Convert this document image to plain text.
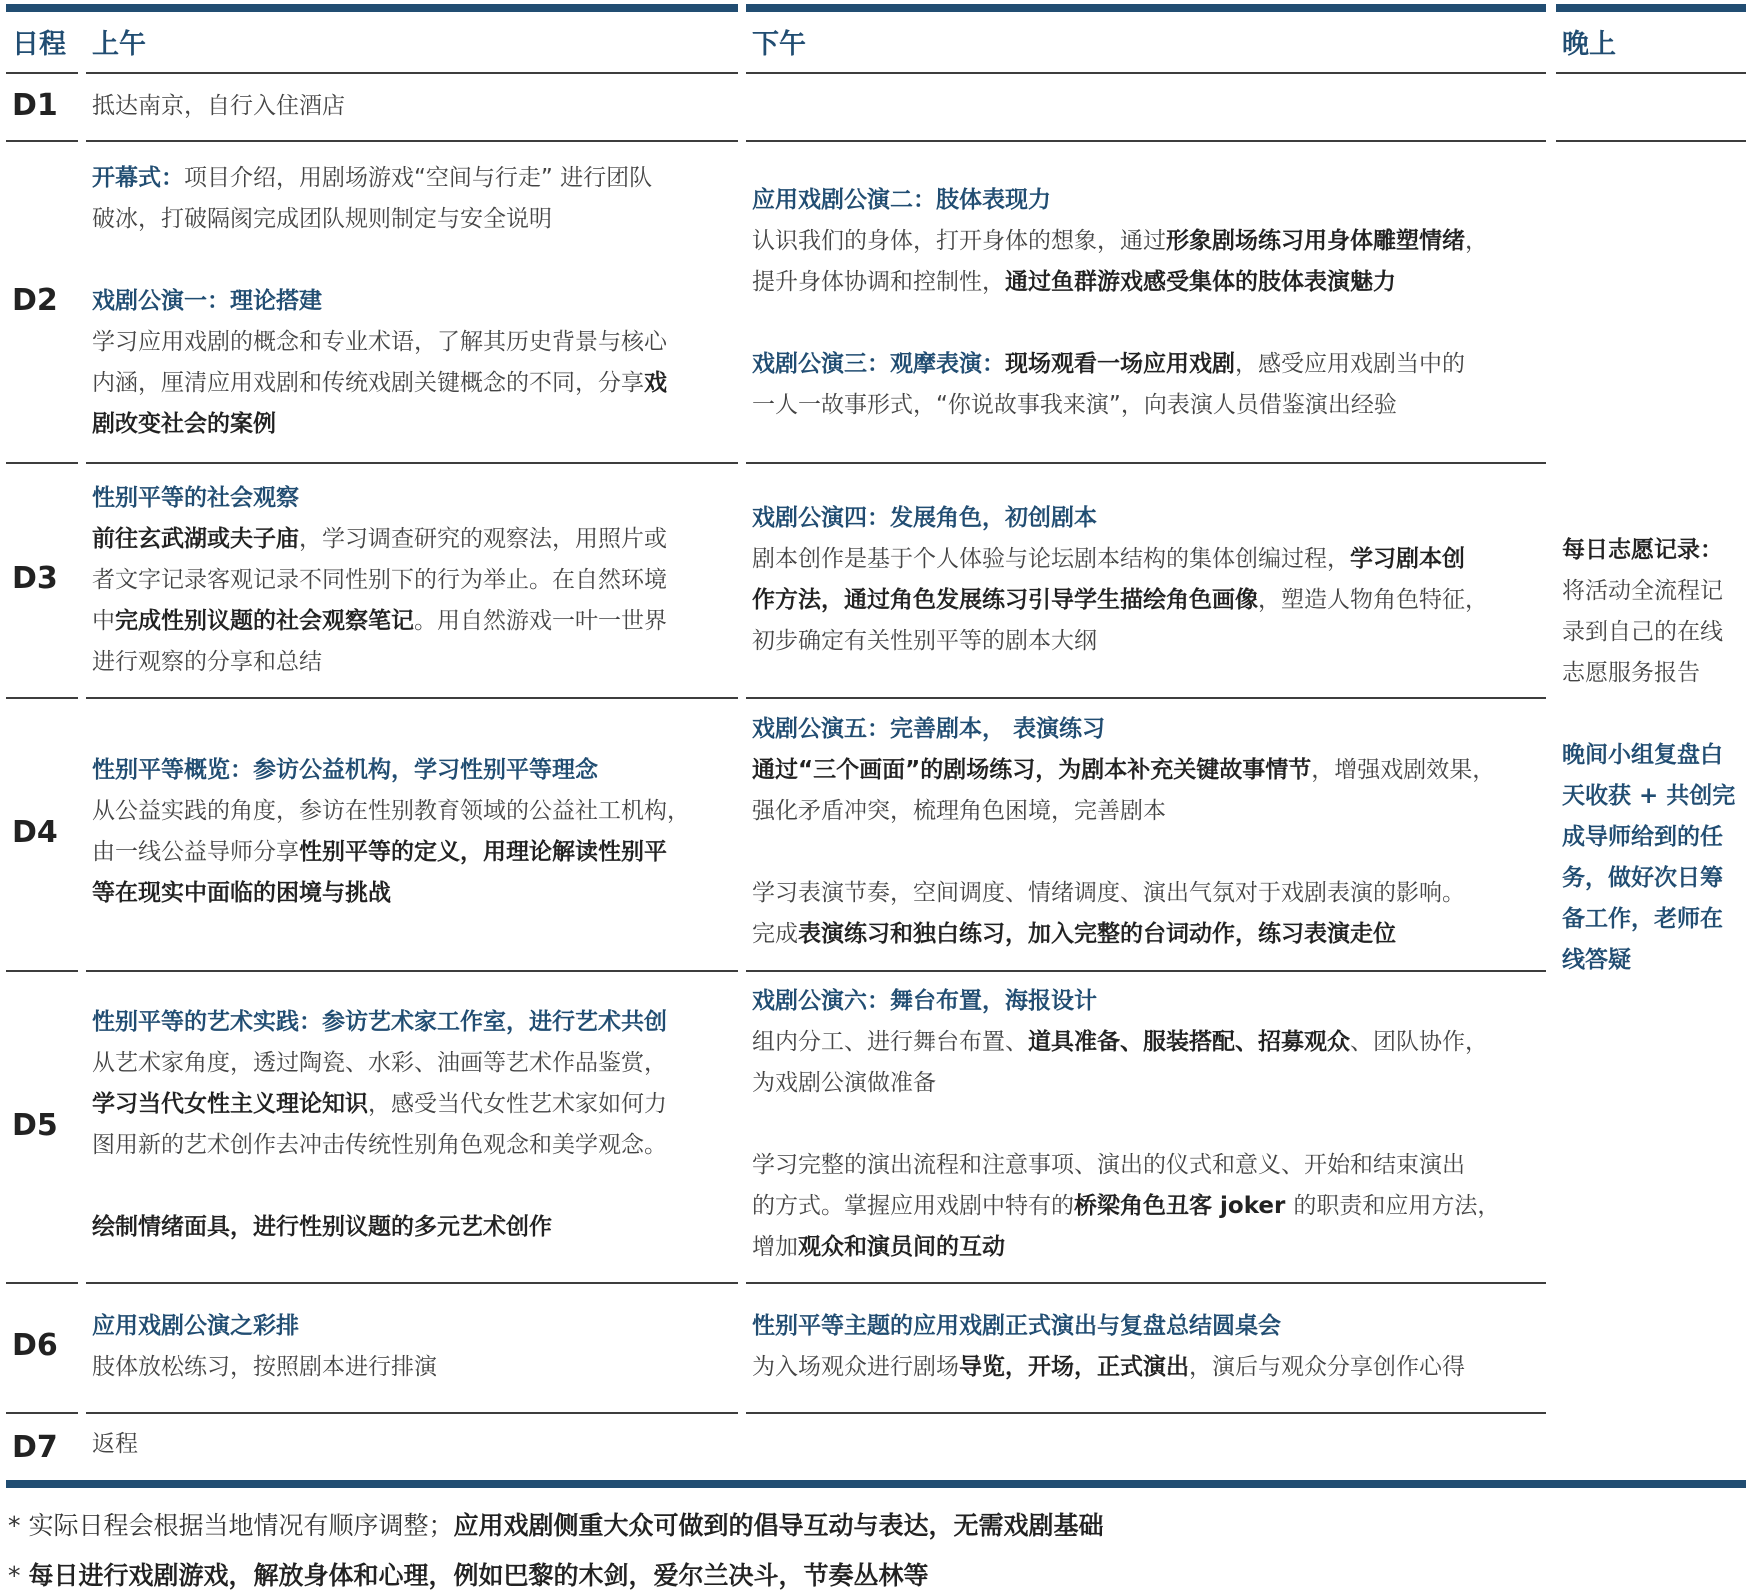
日程 上午	下午	晚上
D1
D2
D3
D4
D5
D6
D7

抵达南京，自行入住酒店

开幕式：项目介绍，用剧场游戏“空间与行走” 进行团队

破冰，打破隔阂完成团队规则制定与安全说明

戏剧公演一：理论搭建

学习应用戏剧的概念和专业术语，了解其历史背景与核心

内涵，厘清应用戏剧和传统戏剧关键概念的不同，分享戏

剧改变社会的案例

应用戏剧公演二：肢体表现力

认识我们的身体，打开身体的想象，通过形象剧场练习用身体雕塑情绪，

提升身体协调和控制性，通过鱼群游戏感受集体的肢体表演魅力

戏剧公演三：观摩表演：现场观看一场应用戏剧，感受应用戏剧当中的

一人一故事形式，“你说故事我来演”，向表演人员借鉴演出经验

性别平等的社会观察

前往玄武湖或夫子庙，学习调查研究的观察法，用照片或

者文字记录客观记录不同性别下的行为举止。在自然环境

中完成性别议题的社会观察笔记。用自然游戏一叶一世界

进行观察的分享和总结

戏剧公演四：发展角色，初创剧本

剧本创作是基于个人体验与论坛剧本结构的集体创编过程，学习剧本创

作方法，通过角色发展练习引导学生描绘角色画像，塑造人物角色特征，

初步确定有关性别平等的剧本大纲

性别平等概览：参访公益机构，学习性别平等理念

从公益实践的角度，参访在性别教育领域的公益社工机构，

由一线公益导师分享性别平等的定义，用理论解读性别平

等在现实中面临的困境与挑战

戏剧公演五：完善剧本， 表演练习

通过“三个画面”的剧场练习，为剧本补充关键故事情节，增强戏剧效果，

强化矛盾冲突，梳理角色困境，完善剧本

学习表演节奏，空间调度、情绪调度、演出气氛对于戏剧表演的影响。

完成表演练习和独白练习，加入完整的台词动作，练习表演走位

性别平等的艺术实践：参访艺术家工作室，进行艺术共创

从艺术家角度，透过陶瓷、水彩、油画等艺术作品鉴赏，

学习当代女性主义理论知识，感受当代女性艺术家如何力

图用新的艺术创作去冲击传统性别角色观念和美学观念。

绘制情绪面具，进行性别议题的多元艺术创作

戏剧公演六：舞台布置，海报设计

组内分工、进行舞台布置、道具准备、服装搭配、招募观众、团队协作，

为戏剧公演做准备

学习完整的演出流程和注意事项、演出的仪式和意义、开始和结束演出

的方式。掌握应用戏剧中特有的桥梁角色丑客 joker 的职责和应用方法，

增加观众和演员间的互动

应用戏剧公演之彩排

肢体放松练习，按照剧本进行排演

性别平等主题的应用戏剧正式演出与复盘总结圆桌会

为入场观众进行剧场导览，开场，正式演出，演后与观众分享创作心得

返程

每日志愿记录：

将活动全流程记

录到自己的在线

志愿服务报告

晚间小组复盘白

天收获 + 共创完

成导师给到的任

务，做好次日筹

备工作，老师在

线答疑

* 实际日程会根据当地情况有顺序调整；应用戏剧侧重大众可做到的倡导互动与表达，无需戏剧基础
* 每日进行戏剧游戏，解放身体和心理，例如巴黎的木剑，爱尔兰决斗，节奏丛林等
